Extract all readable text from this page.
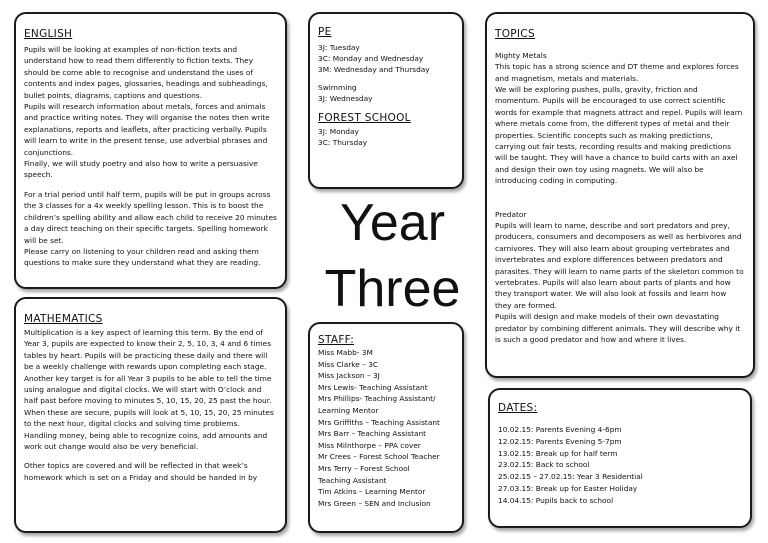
ENGLISH
Pupils will be looking at examples of non-fiction texts and understand how to read them differently to fiction texts. They should be come able to recognise and understand the uses of contents and index pages, glossaries, headings and subheadings, bullet points, diagrams, captions and questions.
Pupils will research information about metals, forces and animals and practice writing notes. They will organise the notes then write explanations, reports and leaflets, after practicing verbally. Pupils will learn to write in the present tense, use adverbial phrases and conjunctions.
Finally, we will study poetry and also how to write a persuasive speech.
For a trial period until half term, pupils will be put in groups across the 3 classes for a 4x weekly spelling lesson. This is to boost the children’s spelling ability and allow each child to receive 20 minutes a day direct teaching on their specific targets. Spelling homework will be set.
Please carry on listening to your children read and asking them questions to make sure they understand what they are reading.
PE
3J: Tuesday
3C: Monday and Wednesday
3M: Wednesday and Thursday
Swimming
3J: Wednesday
FOREST SCHOOL
3J: Monday
3C: Thursday
Year
Three
TOPICS
Mighty Metals
This topic has a strong science and DT theme and explores forces and magnetism, metals and materials.
We will be exploring pushes, pulls, gravity, friction and momentum. Pupils will be encouraged to use correct scientific words for example that magnets attract and repel. Pupils will learn where metals come from, the different types of metal and their properties. Scientific concepts such as making predictions, carrying out fair tests, recording results and making predictions will be taught. They will have a chance to build carts with an axel and design their own toy using magnets. We will also be introducing coding in computing.
Predator
Pupils will learn to name, describe and sort predators and prey, producers, consumers and decomposers as well as herbivores and carnivores. They will also learn about grouping vertebrates and invertebrates and explore differences between predators and parasites. They will learn to name parts of the skeleton common to vertebrates. Pupils will also learn about parts of plants and how they transport water. We will also look at fossils and learn how they are formed.
Pupils will design and make models of their own devastating predator by combining different animals. They will describe why it is such a good predator and how and where it lives.
MATHEMATICS
Multiplication is a key aspect of learning this term. By the end of Year 3, pupils are expected to know their 2, 5, 10, 3, 4 and 6 times tables by heart. Pupils will be practicing these daily and there will be a weekly challenge with rewards upon completing each stage.
Another key target is for all Year 3 pupils to be able to tell the time using analogue and digital clocks. We will start with O’clock and half past before moving to minutes 5, 10, 15, 20, 25 past the hour. When these are secure, pupils will look at 5, 10, 15, 20, 25 minutes to the next hour, digital clocks and solving time problems.
Handling money, being able to recognize coins, add amounts and work out change would also be very beneficial.
Other topics are covered and will be reflected in that week’s homework which is set on a Friday and should be handed in by
STAFF:
Miss Mabb- 3M
Miss Clarke – 3C
Miss Jackson – 3J
Mrs Lewis- Teaching Assistant
Mrs Phillips- Teaching Assistant/
Learning Mentor
Mrs Griffiths – Teaching Assistant
Mrs Barr – Teaching Assistant
Miss Milnthorpe – PPA cover
Mr Crees – Forest School Teacher
Mrs Terry – Forest School
Teaching Assistant
Tim Atkins – Learning Mentor
Mrs Green – SEN and Inclusion
DATES:
10.02.15: Parents Evening 4-6pm
12.02.15: Parents Evening 5-7pm
13.02.15: Break up for half term
23.02.15: Back to school
25.02.15 – 27.02.15: Year 3 Residential
27.03.15: Break up for Easter Holiday
14.04.15: Pupils back to school
